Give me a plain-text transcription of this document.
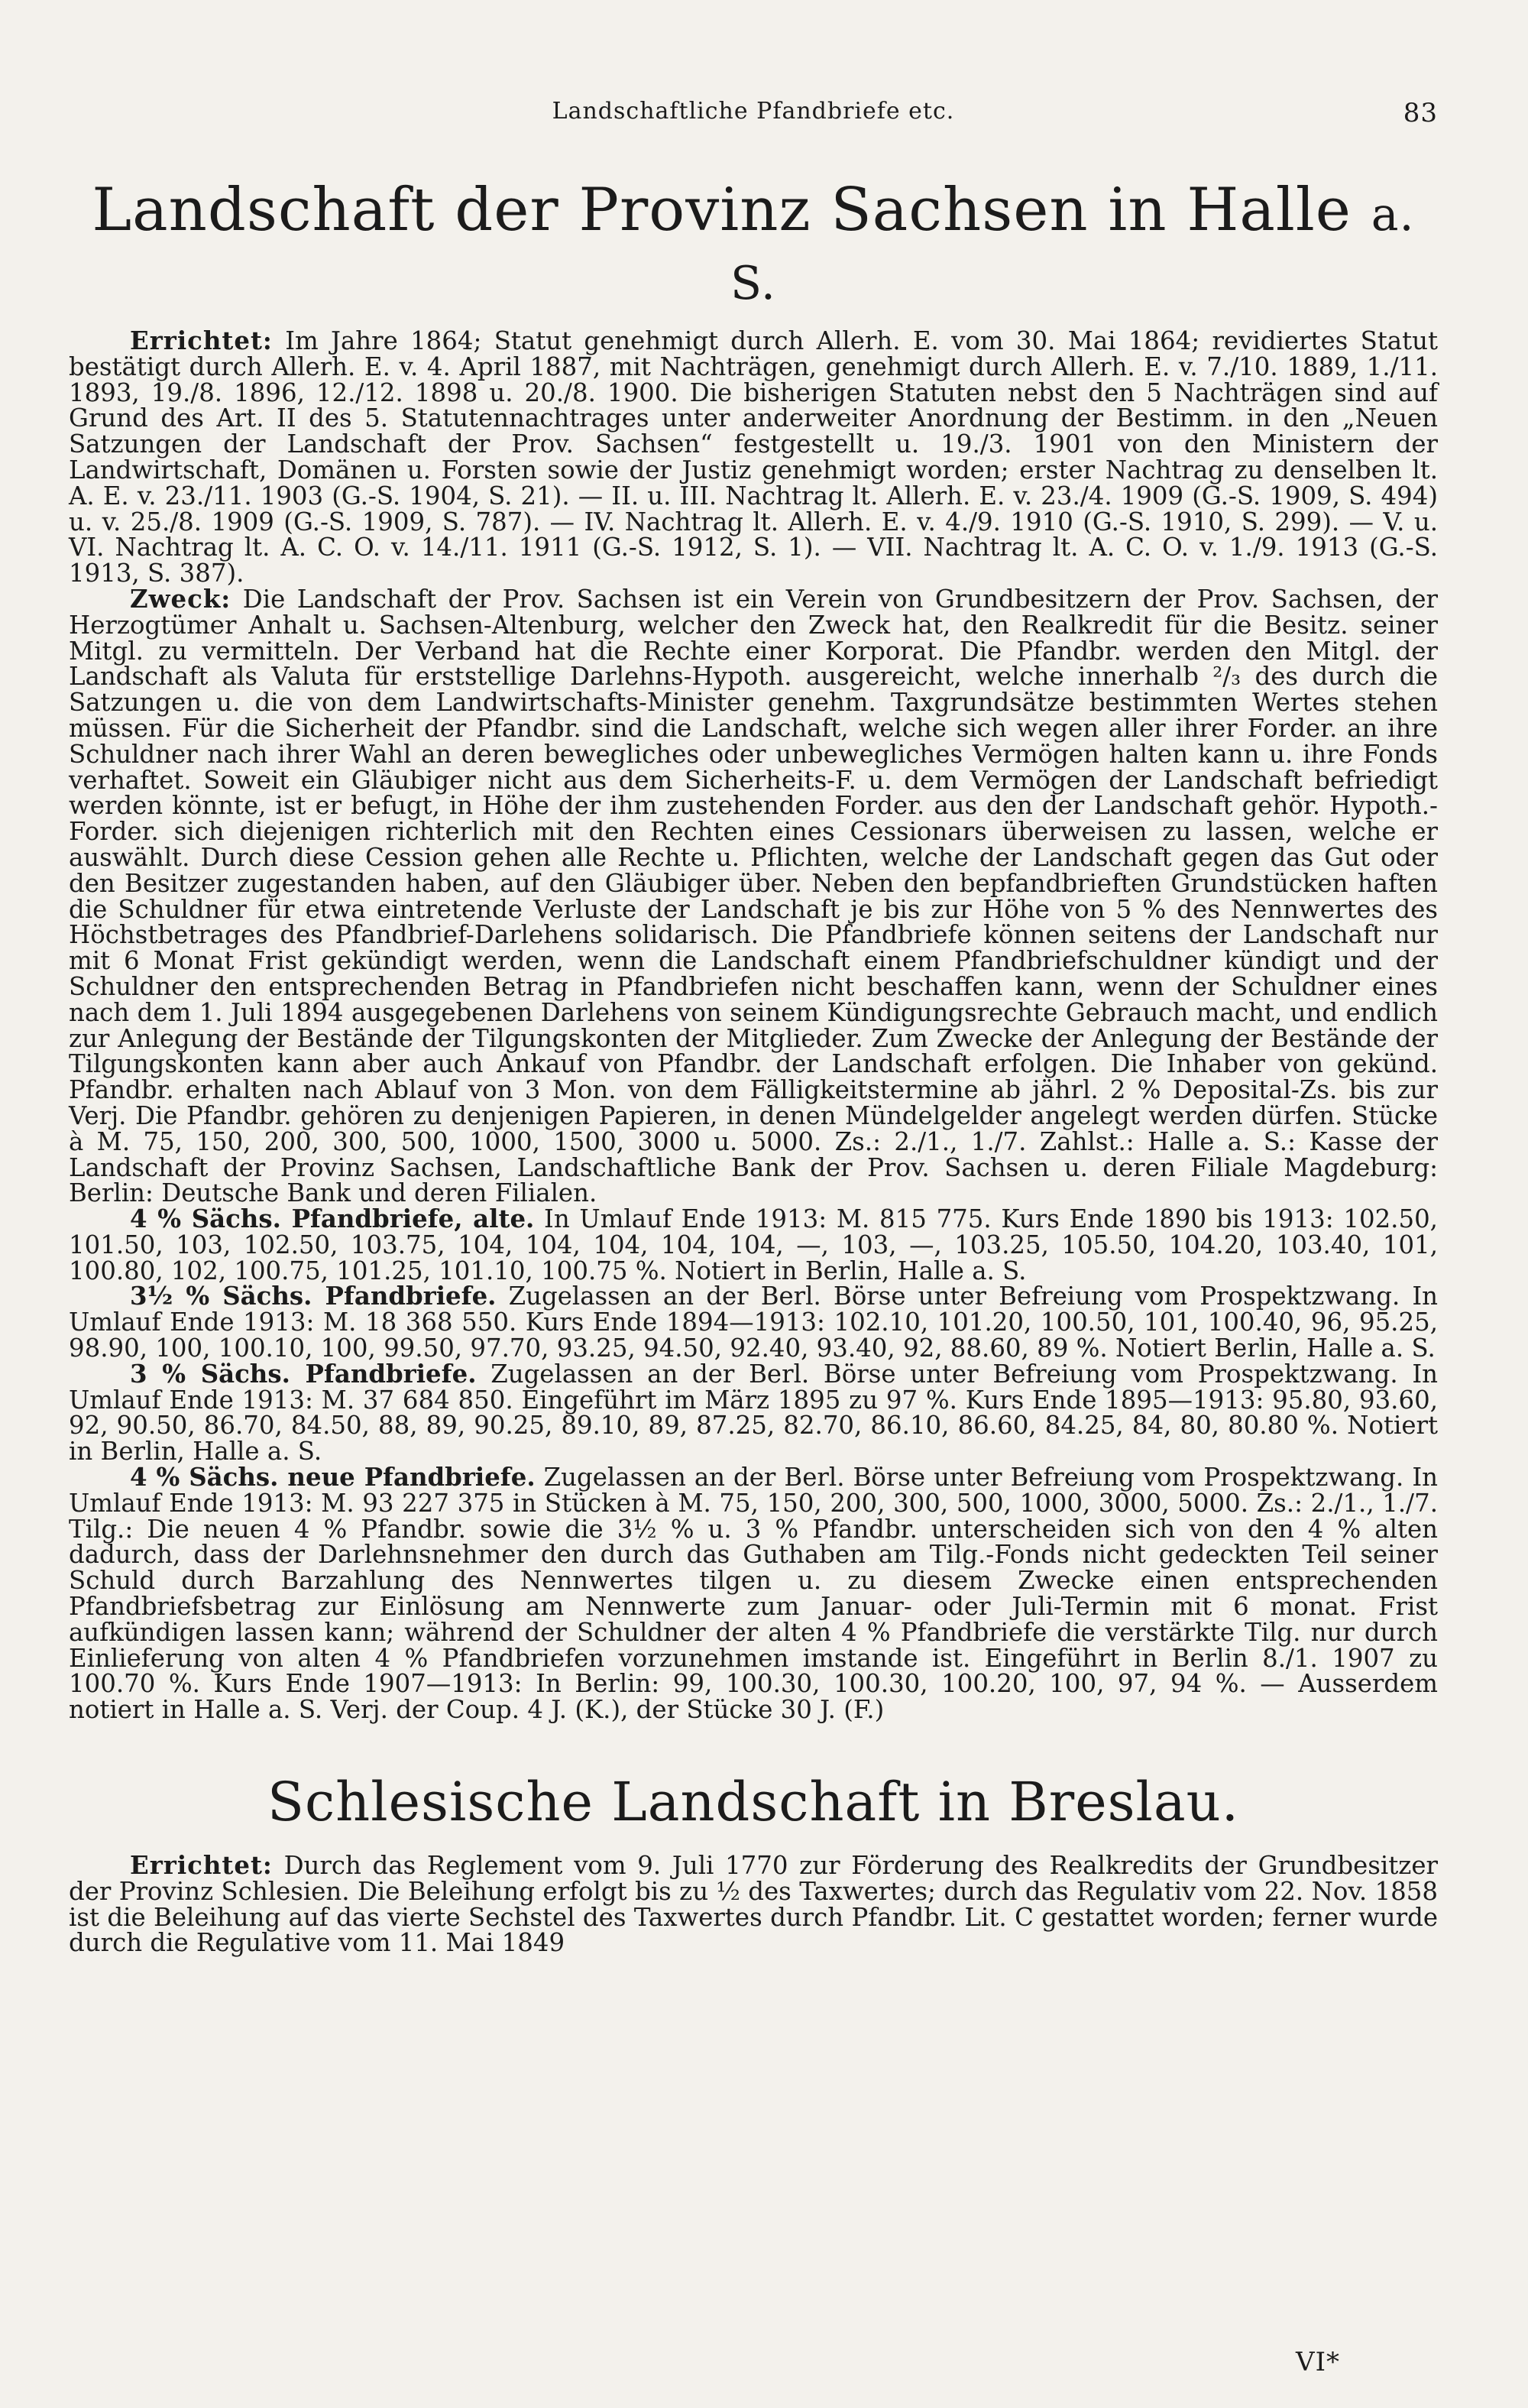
Landschaftliche Pfandbriefe etc.	83
Landschaft der Provinz Sachsen in Halle a. S.

Errichtet: Im Jahre 1864; Statut genehmigt durch Allerh. E. vom 30. Mai 1864; revidiertes Statut bestätigt durch Allerh. E. v. 4. April 1887, mit Nachträgen, genehmigt durch Allerh. E. v. 7./10. 1889, 1./11. 1893, 19./8. 1896, 12./12. 1898 u. 20./8. 1900. Die bisherigen Statuten nebst den 5 Nachträgen sind auf Grund des Art. II des 5. Statutennachtrages unter anderweiter Anordnung der Bestimm. in den „Neuen Satzungen der Landschaft der Prov. Sachsen“ festgestellt u. 19./3. 1901 von den Ministern der Landwirtschaft, Domänen u. Forsten sowie der Justiz genehmigt worden; erster Nachtrag zu denselben lt. A. E. v. 23./11. 1903 (G.-S. 1904, S. 21). — II. u. III. Nachtrag lt. Allerh. E. v. 23./4. 1909 (G.-S. 1909, S. 494) u. v. 25./8. 1909 (G.-S. 1909, S. 787). — IV. Nachtrag lt. Allerh. E. v. 4./9. 1910 (G.-S. 1910, S. 299). — V. u. VI. Nachtrag lt. A. C. O. v. 14./11. 1911 (G.-S. 1912, S. 1). — VII. Nachtrag lt. A. C. O. v. 1./9. 1913 (G.-S. 1913, S. 387).

Zweck: Die Landschaft der Prov. Sachsen ist ein Verein von Grundbesitzern der Prov. Sachsen, der Herzogtümer Anhalt u. Sachsen-Altenburg, welcher den Zweck hat, den Realkredit für die Besitz. seiner Mitgl. zu vermitteln. Der Verband hat die Rechte einer Korporat. Die Pfandbr. werden den Mitgl. der Landschaft als Valuta für erststellige Darlehns-Hypoth. ausgereicht, welche innerhalb ²/₃ des durch die Satzungen u. die von dem Landwirtschafts-Minister genehm. Taxgrundsätze bestimmten Wertes stehen müssen. Für die Sicherheit der Pfandbr. sind die Landschaft, welche sich wegen aller ihrer Forder. an ihre Schuldner nach ihrer Wahl an deren bewegliches oder unbewegliches Vermögen halten kann u. ihre Fonds verhaftet. Soweit ein Gläubiger nicht aus dem Sicherheits-F. u. dem Vermögen der Landschaft befriedigt werden könnte, ist er befugt, in Höhe der ihm zustehenden Forder. aus den der Landschaft gehör. Hypoth.-Forder. sich diejenigen richterlich mit den Rechten eines Cessionars überweisen zu lassen, welche er auswählt. Durch diese Cession gehen alle Rechte u. Pflichten, welche der Landschaft gegen das Gut oder den Besitzer zugestanden haben, auf den Gläubiger über. Neben den bepfandbrieften Grundstücken haften die Schuldner für etwa eintretende Verluste der Landschaft je bis zur Höhe von 5 % des Nennwertes des Höchstbetrages des Pfandbrief-Darlehens solidarisch. Die Pfandbriefe können seitens der Landschaft nur mit 6 Monat Frist gekündigt werden, wenn die Landschaft einem Pfandbriefschuldner kündigt und der Schuldner den entsprechenden Betrag in Pfandbriefen nicht beschaffen kann, wenn der Schuldner eines nach dem 1. Juli 1894 ausgegebenen Darlehens von seinem Kündigungsrechte Gebrauch macht, und endlich zur Anlegung der Bestände der Tilgungskonten der Mitglieder. Zum Zwecke der Anlegung der Bestände der Tilgungskonten kann aber auch Ankauf von Pfandbr. der Landschaft erfolgen. Die Inhaber von gekünd. Pfandbr. erhalten nach Ablauf von 3 Mon. von dem Fälligkeitstermine ab jährl. 2 % Deposital-Zs. bis zur Verj. Die Pfandbr. gehören zu denjenigen Papieren, in denen Mündelgelder angelegt werden dürfen. Stücke à M. 75, 150, 200, 300, 500, 1000, 1500, 3000 u. 5000. Zs.: 2./1., 1./7. Zahlst.: Halle a. S.: Kasse der Landschaft der Provinz Sachsen, Landschaftliche Bank der Prov. Sachsen u. deren Filiale Magdeburg: Berlin: Deutsche Bank und deren Filialen.

4 % Sächs. Pfandbriefe, alte. In Umlauf Ende 1913: M. 815 775. Kurs Ende 1890 bis 1913: 102.50, 101.50, 103, 102.50, 103.75, 104, 104, 104, 104, 104, —, 103, —, 103.25, 105.50, 104.20, 103.40, 101, 100.80, 102, 100.75, 101.25, 101.10, 100.75 %. Notiert in Berlin, Halle a. S.

3½ % Sächs. Pfandbriefe. Zugelassen an der Berl. Börse unter Befreiung vom Prospektzwang. In Umlauf Ende 1913: M. 18 368 550. Kurs Ende 1894—1913: 102.10, 101.20, 100.50, 101, 100.40, 96, 95.25, 98.90, 100, 100.10, 100, 99.50, 97.70, 93.25, 94.50, 92.40, 93.40, 92, 88.60, 89 %. Notiert Berlin, Halle a. S.

3 % Sächs. Pfandbriefe. Zugelassen an der Berl. Börse unter Befreiung vom Prospektzwang. In Umlauf Ende 1913: M. 37 684 850. Eingeführt im März 1895 zu 97 %. Kurs Ende 1895—1913: 95.80, 93.60, 92, 90.50, 86.70, 84.50, 88, 89, 90.25, 89.10, 89, 87.25, 82.70, 86.10, 86.60, 84.25, 84, 80, 80.80 %. Notiert in Berlin, Halle a. S.

4 % Sächs. neue Pfandbriefe. Zugelassen an der Berl. Börse unter Befreiung vom Prospektzwang. In Umlauf Ende 1913: M. 93 227 375 in Stücken à M. 75, 150, 200, 300, 500, 1000, 3000, 5000. Zs.: 2./1., 1./7. Tilg.: Die neuen 4 % Pfandbr. sowie die 3½ % u. 3 % Pfandbr. unterscheiden sich von den 4 % alten dadurch, dass der Darlehnsnehmer den durch das Guthaben am Tilg.-Fonds nicht gedeckten Teil seiner Schuld durch Barzahlung des Nennwertes tilgen u. zu diesem Zwecke einen entsprechenden Pfandbriefsbetrag zur Einlösung am Nennwerte zum Januar- oder Juli-Termin mit 6 monat. Frist aufkündigen lassen kann; während der Schuldner der alten 4 % Pfandbriefe die verstärkte Tilg. nur durch Einlieferung von alten 4 % Pfandbriefen vorzunehmen imstande ist. Eingeführt in Berlin 8./1. 1907 zu 100.70 %. Kurs Ende 1907—1913: In Berlin: 99, 100.30, 100.30, 100.20, 100, 97, 94 %. — Ausserdem notiert in Halle a. S. Verj. der Coup. 4 J. (K.), der Stücke 30 J. (F.)

Schlesische Landschaft in Breslau.

Errichtet: Durch das Reglement vom 9. Juli 1770 zur Förderung des Realkredits der Grundbesitzer der Provinz Schlesien. Die Beleihung erfolgt bis zu ½ des Taxwertes; durch das Regulativ vom 22. Nov. 1858 ist die Beleihung auf das vierte Sechstel des Taxwertes durch Pfandbr. Lit. C gestattet worden; ferner wurde durch die Regulative vom 11. Mai 1849

VI*
